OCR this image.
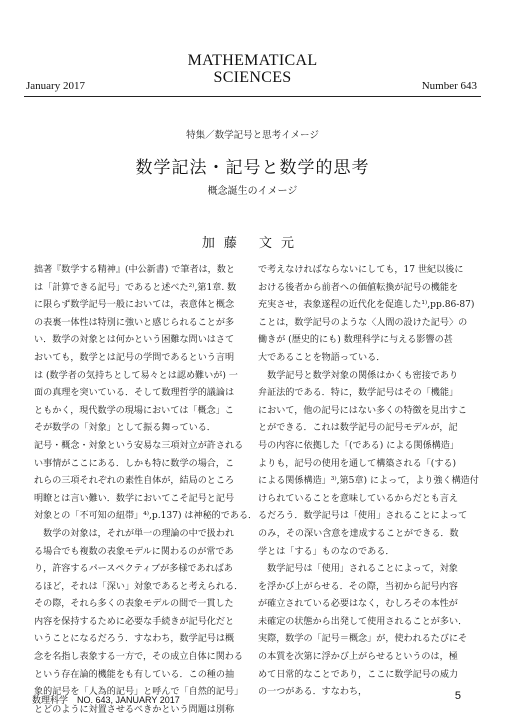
MATHEMATICAL
SCIENCES
January 2017	Number 643
特集／数学記号と思考イメージ
数学記法・記号と数学的思考
概念誕生のイメージ
加藤 文元

拙著『数学する精神』(中公新書) で筆者は，数と

は「計算できる記号」であると述べた²⁾,第1章. 数

に限らず数学記号一般においては，表意体と概念

の表裏一体性は特別に強いと感じられることが多

い．数学の対象とは何かという困難な問いはさて

おいても，数学とは記号の学問であるという言明

は (数学者の気持ちとして易々とは認め難いが) 一

面の真理を突いている．そして数理哲学的議論は

ともかく，現代数学の現場においては「概念」こ

そが数学の「対象」として振る舞っている．

記号・概念・対象という安易な三項対立が許される

い事情がここにある．しかも特に数学の場合，こ

れらの三項それぞれの素性自体が，結局のところ

明瞭とは言い難い．数学においてこそ記号と記号

対象との「不可知の紐帯」⁴⁾,p.137) は神秘的である．

　数学の対象は，それが単一の理論の中で扱われ

る場合でも複数の表象モデルに関わるのが常であ

り，許容するパースペクティブが多様であればあ

るほど，それは「深い」対象であると考えられる．

その際，それら多くの表象モデルの間で一貫した

内容を保持するために必要な手続きが記号化だと

いうことになるだろう．すなわち，数学記号は概

念を名指し表象する一方で，その成立自体に関わる

という存在論的機能をも有している．この種の抽

象的記号を「人為的記号」と呼んで「自然的記号」

とどのように対置させるべきかという問題は別称

で考えなければならないにしても，17 世紀以後に

おける後者から前者への価値転換が記号の機能を

充実させ，表象遂程の近代化を促進した¹⁾,pp.86-87)

ことは，数学記号のような〈人間の設けた記号〉の

働きが (歴史的にも) 数理科学に与える影響の甚

大であることを物語っている．

　数学記号と数学対象の関係はかくも密接であり

弁証法的である．特に，数学記号はその「機能」

において，他の記号にはない多くの特徴を見出すこ

とができる．これは数学記号の記号モデルが，記

号の内容に依拠した「(である) による関係構造」

よりも，記号の使用を通して構築される「(する)

による関係構造」³⁾,第5章) によって，より強く構造付

けられていることを意味しているからだとも言え

るだろう．数学記号は「使用」されることによって

のみ，その深い含意を達成することができる．数

学とは「する」ものなのである．

　数学記号は「使用」されることによって，対象

を浮かび上がらせる．その際，当初から記号内容

が確立されている必要はなく，むしろその本性が

未確定の状態から出発して使用されることが多い．

実際，数学の「記号＝概念」が，使われるたびにそ

の本質を次第に浮かび上がらせるというのは，極

めて日常的なことであり，ここに数学記号の威力

の一つがある．すなわち，

数理科学　NO. 643, JANUARY 2017	5
